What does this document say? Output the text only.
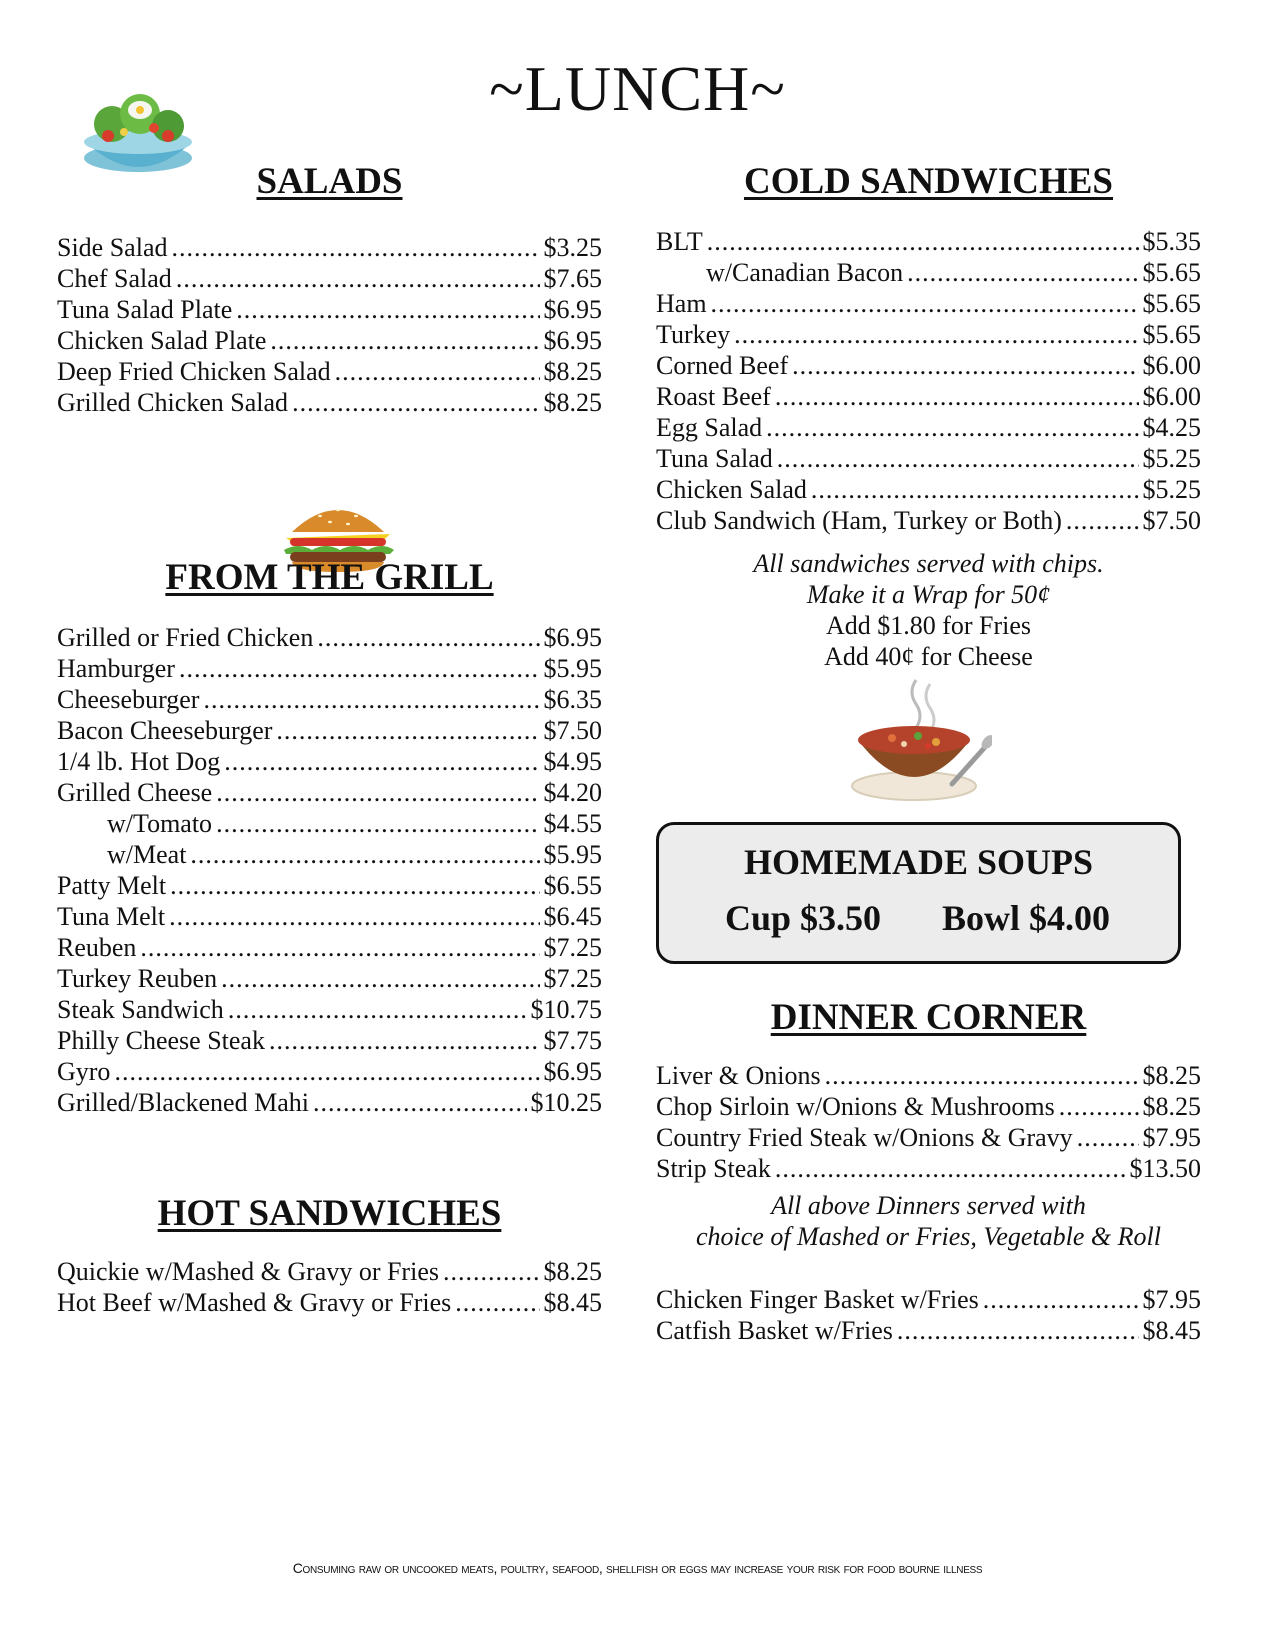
~LUNCH~
SALADS
Side Salad .....	$3.25
Chef Salad .....	$7.65
Tuna Salad Plate .....	$6.95
Chicken Salad Plate .....	$6.95
Deep Fried Chicken Salad .....	$8.25
Grilled Chicken Salad .....	$8.25
FROM THE GRILL
Grilled or Fried Chicken .....	$6.95
Hamburger .....	$5.95
Cheeseburger .....	$6.35
Bacon Cheeseburger .....	$7.50
1/4 lb. Hot Dog .....	$4.95
Grilled Cheese .....	$4.20
w/Tomato .....	$4.55
w/Meat .....	$5.95
Patty Melt .....	$6.55
Tuna Melt .....	$6.45
Reuben .....	$7.25
Turkey Reuben .....	$7.25
Steak Sandwich .....	$10.75
Philly Cheese Steak .....	$7.75
Gyro .....	$6.95
Grilled/Blackened Mahi .....	$10.25
HOT SANDWICHES
Quickie w/Mashed & Gravy or Fries .....	$8.25
Hot Beef w/Mashed & Gravy or Fries .....	$8.45
COLD SANDWICHES
BLT .....	$5.35
w/Canadian Bacon .....	$5.65
Ham .....	$5.65
Turkey .....	$5.65
Corned Beef .....	$6.00
Roast Beef .....	$6.00
Egg Salad .....	$4.25
Tuna Salad .....	$5.25
Chicken Salad .....	$5.25
Club Sandwich (Ham, Turkey or Both) .....	$7.50
All sandwiches served with chips.
Make it a Wrap for 50¢
Add $1.80 for Fries
Add 40¢ for Cheese
HOMEMADE SOUPS
Cup $3.50 Bowl $4.00
DINNER CORNER
Liver & Onions .....	$8.25
Chop Sirloin w/Onions & Mushrooms .....	$8.25
Country Fried Steak w/Onions & Gravy .....	$7.95
Strip Steak .....	$13.50
All above Dinners served with
choice of Mashed or Fries, Vegetable & Roll
Chicken Finger Basket w/Fries .....	$7.95
Catfish Basket w/Fries .....	$8.45
Consuming raw or uncooked meats, poultry, seafood, shellfish or eggs may increase your risk for food bourne illness
